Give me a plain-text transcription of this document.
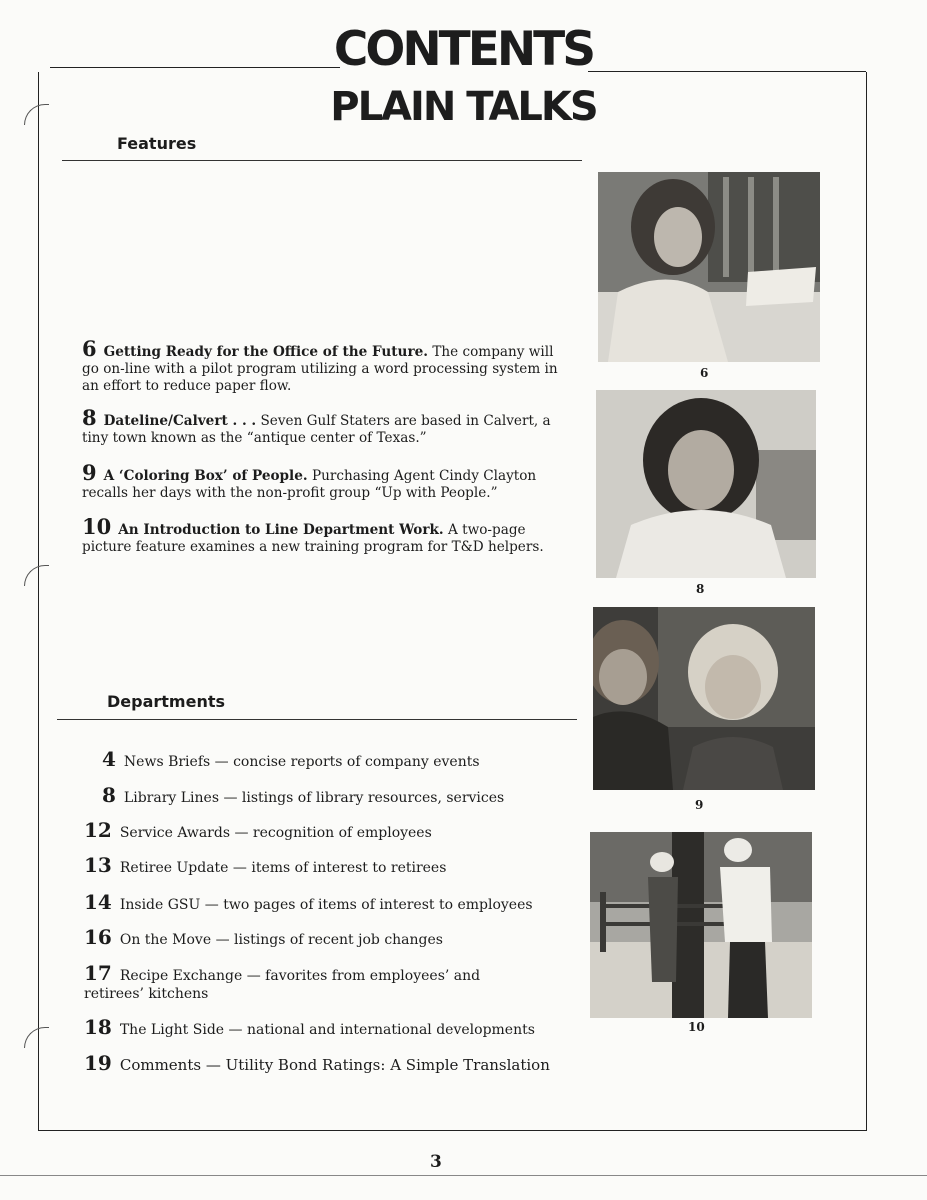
CONTENTS
PLAIN TALKS
Features
6 Getting Ready for the Office of the Future. The company will go on-line with a pilot program utilizing a word processing system in an effort to reduce paper flow.
8 Dateline/Calvert . . . Seven Gulf Staters are based in Calvert, a tiny town known as the “antique center of Texas.”
9 A ‘Coloring Box’ of People. Purchasing Agent Cindy Clayton recalls her days with the non-profit group “Up with People.”
10 An Introduction to Line Department Work. A two-page picture feature examines a new training program for T&D helpers.
Departments
4 News Briefs — concise reports of company events
8 Library Lines — listings of library resources, services
12 Service Awards — recognition of employees
13 Retiree Update — items of interest to retirees
14 Inside GSU — two pages of items of interest to employees
16 On the Move — listings of recent job changes
17 Recipe Exchange — favorites from employees’ and retirees’ kitchens
18 The Light Side — national and international developments
19 Comments — Utility Bond Ratings: A Simple Translation
6
8
9
10
3
